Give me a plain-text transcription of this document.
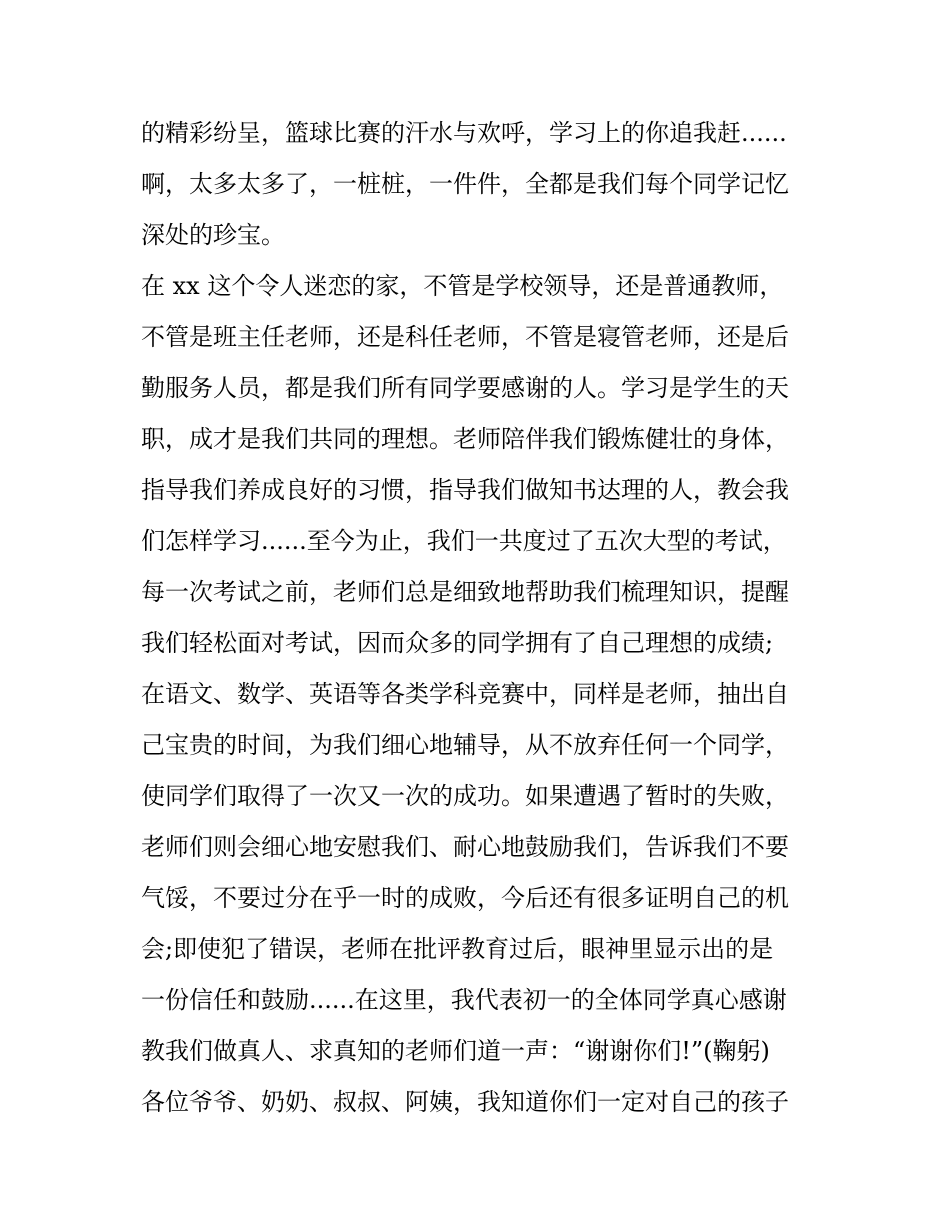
的精彩纷呈，篮球比赛的汗水与欢呼，学习上的你追我赶......
啊，太多太多了，一桩桩，一件件，全都是我们每个同学记忆
深处的珍宝。
在 xx 这个令人迷恋的家，不管是学校领导，还是普通教师，
不管是班主任老师，还是科任老师，不管是寝管老师，还是后
勤服务人员，都是我们所有同学要感谢的人。学习是学生的天
职，成才是我们共同的理想。老师陪伴我们锻炼健壮的身体，
指导我们养成良好的习惯，指导我们做知书达理的人，教会我
们怎样学习......至今为止，我们一共度过了五次大型的考试，
每一次考试之前，老师们总是细致地帮助我们梳理知识，提醒
我们轻松面对考试，因而众多的同学拥有了自己理想的成绩;
在语文、数学、英语等各类学科竞赛中，同样是老师，抽出自
己宝贵的时间，为我们细心地辅导，从不放弃任何一个同学，
使同学们取得了一次又一次的成功。如果遭遇了暂时的失败，
老师们则会细心地安慰我们、耐心地鼓励我们，告诉我们不要
气馁，不要过分在乎一时的成败，今后还有很多证明自己的机
会;即使犯了错误，老师在批评教育过后，眼神里显示出的是
一份信任和鼓励......在这里，我代表初一的全体同学真心感谢
教我们做真人、求真知的老师们道一声：“谢谢你们!”(鞠躬)
各位爷爷、奶奶、叔叔、阿姨，我知道你们一定对自己的孩子
